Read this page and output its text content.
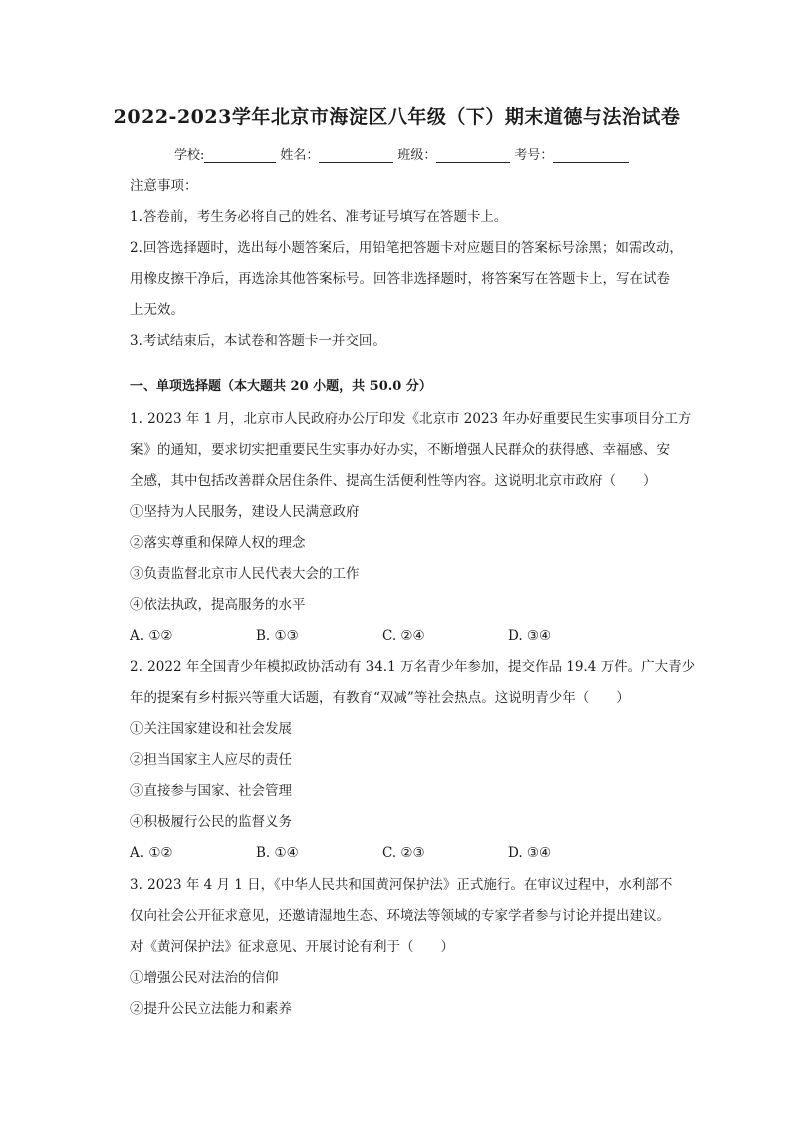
2022-2023学年北京市海淀区八年级（下）期末道德与法治试卷
学校:	姓名：	班级：	考号：
注意事项：
1.答卷前，考生务必将自己的姓名、准考证号填写在答题卡上。
2.回答选择题时，选出每小题答案后，用铅笔把答题卡对应题目的答案标号涂黑；如需改动，
用橡皮擦干净后，再选涂其他答案标号。回答非选择题时，将答案写在答题卡上，写在试卷
上无效。
3.考试结束后，本试卷和答题卡一并交回。
一、单项选择题（本大题共 20 小题，共 50.0 分）
1. 2023 年 1 月，北京市人民政府办公厅印发《北京市 2023 年办好重要民生实事项目分工方
案》的通知，要求切实把重要民生实事办好办实，不断增强人民群众的获得感、幸福感、安
全感，其中包括改善群众居住条件、提高生活便利性等内容。这说明北京市政府（　　）
①坚持为人民服务，建设人民满意政府
②落实尊重和保障人权的理念
③负责监督北京市人民代表大会的工作
④依法执政，提高服务的水平
A. ①②	B. ①③	C. ②④	D. ③④
2. 2022 年全国青少年模拟政协活动有 34.1 万名青少年参加，提交作品 19.4 万件。广大青少
年的提案有乡村振兴等重大话题，有教育“双减”等社会热点。这说明青少年（　　）
①关注国家建设和社会发展
②担当国家主人应尽的责任
③直接参与国家、社会管理
④积极履行公民的监督义务
A. ①②	B. ①④	C. ②③	D. ③④
3. 2023 年 4 月 1 日，《中华人民共和国黄河保护法》正式施行。在审议过程中，水利部不
仅向社会公开征求意见，还邀请湿地生态、环境法等领域的专家学者参与讨论并提出建议。
对《黄河保护法》征求意见、开展讨论有利于（　　）
①增强公民对法治的信仰
②提升公民立法能力和素养
